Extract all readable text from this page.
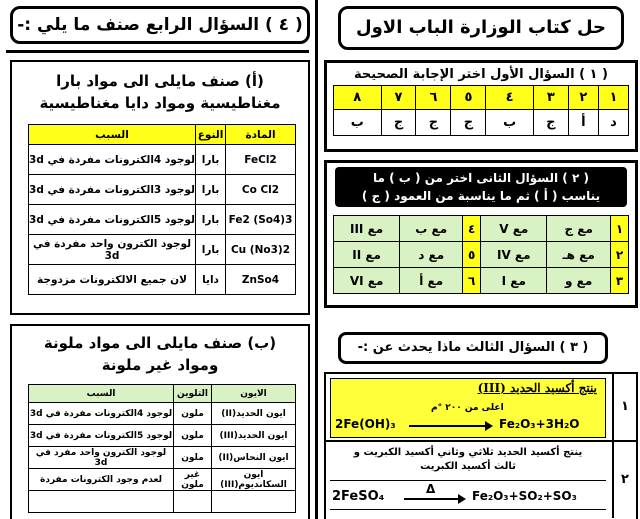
( ٤ ) السؤال الرابع صنف ما يلي :-
(أ) صنف مايلى الى مواد بارا
مغناطيسية ومواد دايا مغناطيسية
المادة	النوع	السبب
FeCl2	بارا	لوجود 4الكترونات مفردة في 3d
Co Cl2	بارا	لوجود 3الكترونات مفردة في 3d
Fe2 (So4)3	بارا	لوجود 5الكترونات مفردة في 3d
Cu (No3)2	بارا	لوجود الكترون واحد مفردة في 3d
ZnSo4	دايا	لان جميع الالكترونات مزدوجة
(ب) صنف مايلى الى مواد ملونة
ومواد غير ملونة
الايون	التلوين	السبب
ايون الحديد(II)	ملون	لوجود 4الكترونات مفردة في 3d
ايون الحديد(III)	ملون	لوجود 5الكترونات مفردة في 3d
ايون النحاس(II)	ملون	لوجود الكترون واحد مفرد في 3d
ايون السكانديوم(III)	غير ملون	لعدم وجود الكترونات مفردة

حل كتاب الوزارة الباب الاول
( ١ ) السؤال الأول اختر الإجابة الصحيحة
١	٢	٣	٤	٥	٦	٧	٨
د	أ	ج	ب	ج	ج	ج	ب
( ٢ ) السؤال الثانى اختر من ( ب ) ما
يناسب ( أ ) ثم ما يناسبة من العمود ( ج )
١	مع ج	مع V	٤	مع ب	مع III
٢	مع هـ	مع IV	٥	مع د	مع II
٣	مع و	مع I	٦	مع أ	مع VI
( ٣ ) السؤال الثالث ماذا يحدث عن :-
١
ينتج أكسيد الحديد (III)
2Fe(OH)₃
اعلى من ٢٠٠ °م
Fe₂O₃+3H₂O
٢
ينتج أكسيد الحديد ثلاثي وثاني أكسيد الكبريت و
ثالث أكسيد الكبريت
2FeSO₄	Δ → Fe₂O₃+SO₂+SO₃
